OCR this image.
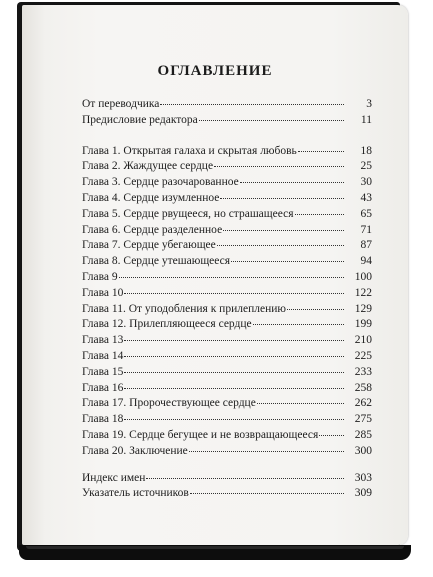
ОГЛАВЛЕНИЕ
От переводчика	3
Предисловие редактора	11
Глава 1. Открытая галаха и скрытая любовь	18
Глава 2. Жаждущее сердце	25
Глава 3. Сердце разочарованное	30
Глава 4. Сердце изумленное	43
Глава 5. Сердце рвущееся, но страшащееся	65
Глава 6. Сердце разделенное	71
Глава 7. Сердце убегающее	87
Глава 8. Сердце утешающееся	94
Глава 9	100
Глава 10	122
Глава 11. От уподобления к прилеплению	129
Глава 12. Прилепляющееся сердце	199
Глава 13	210
Глава 14	225
Глава 15	233
Глава 16	258
Глава 17. Пророчествующее сердце	262
Глава 18	275
Глава 19. Сердце бегущее и не возвращающееся	285
Глава 20. Заключение	300
Индекс имен	303
Указатель источников	309
